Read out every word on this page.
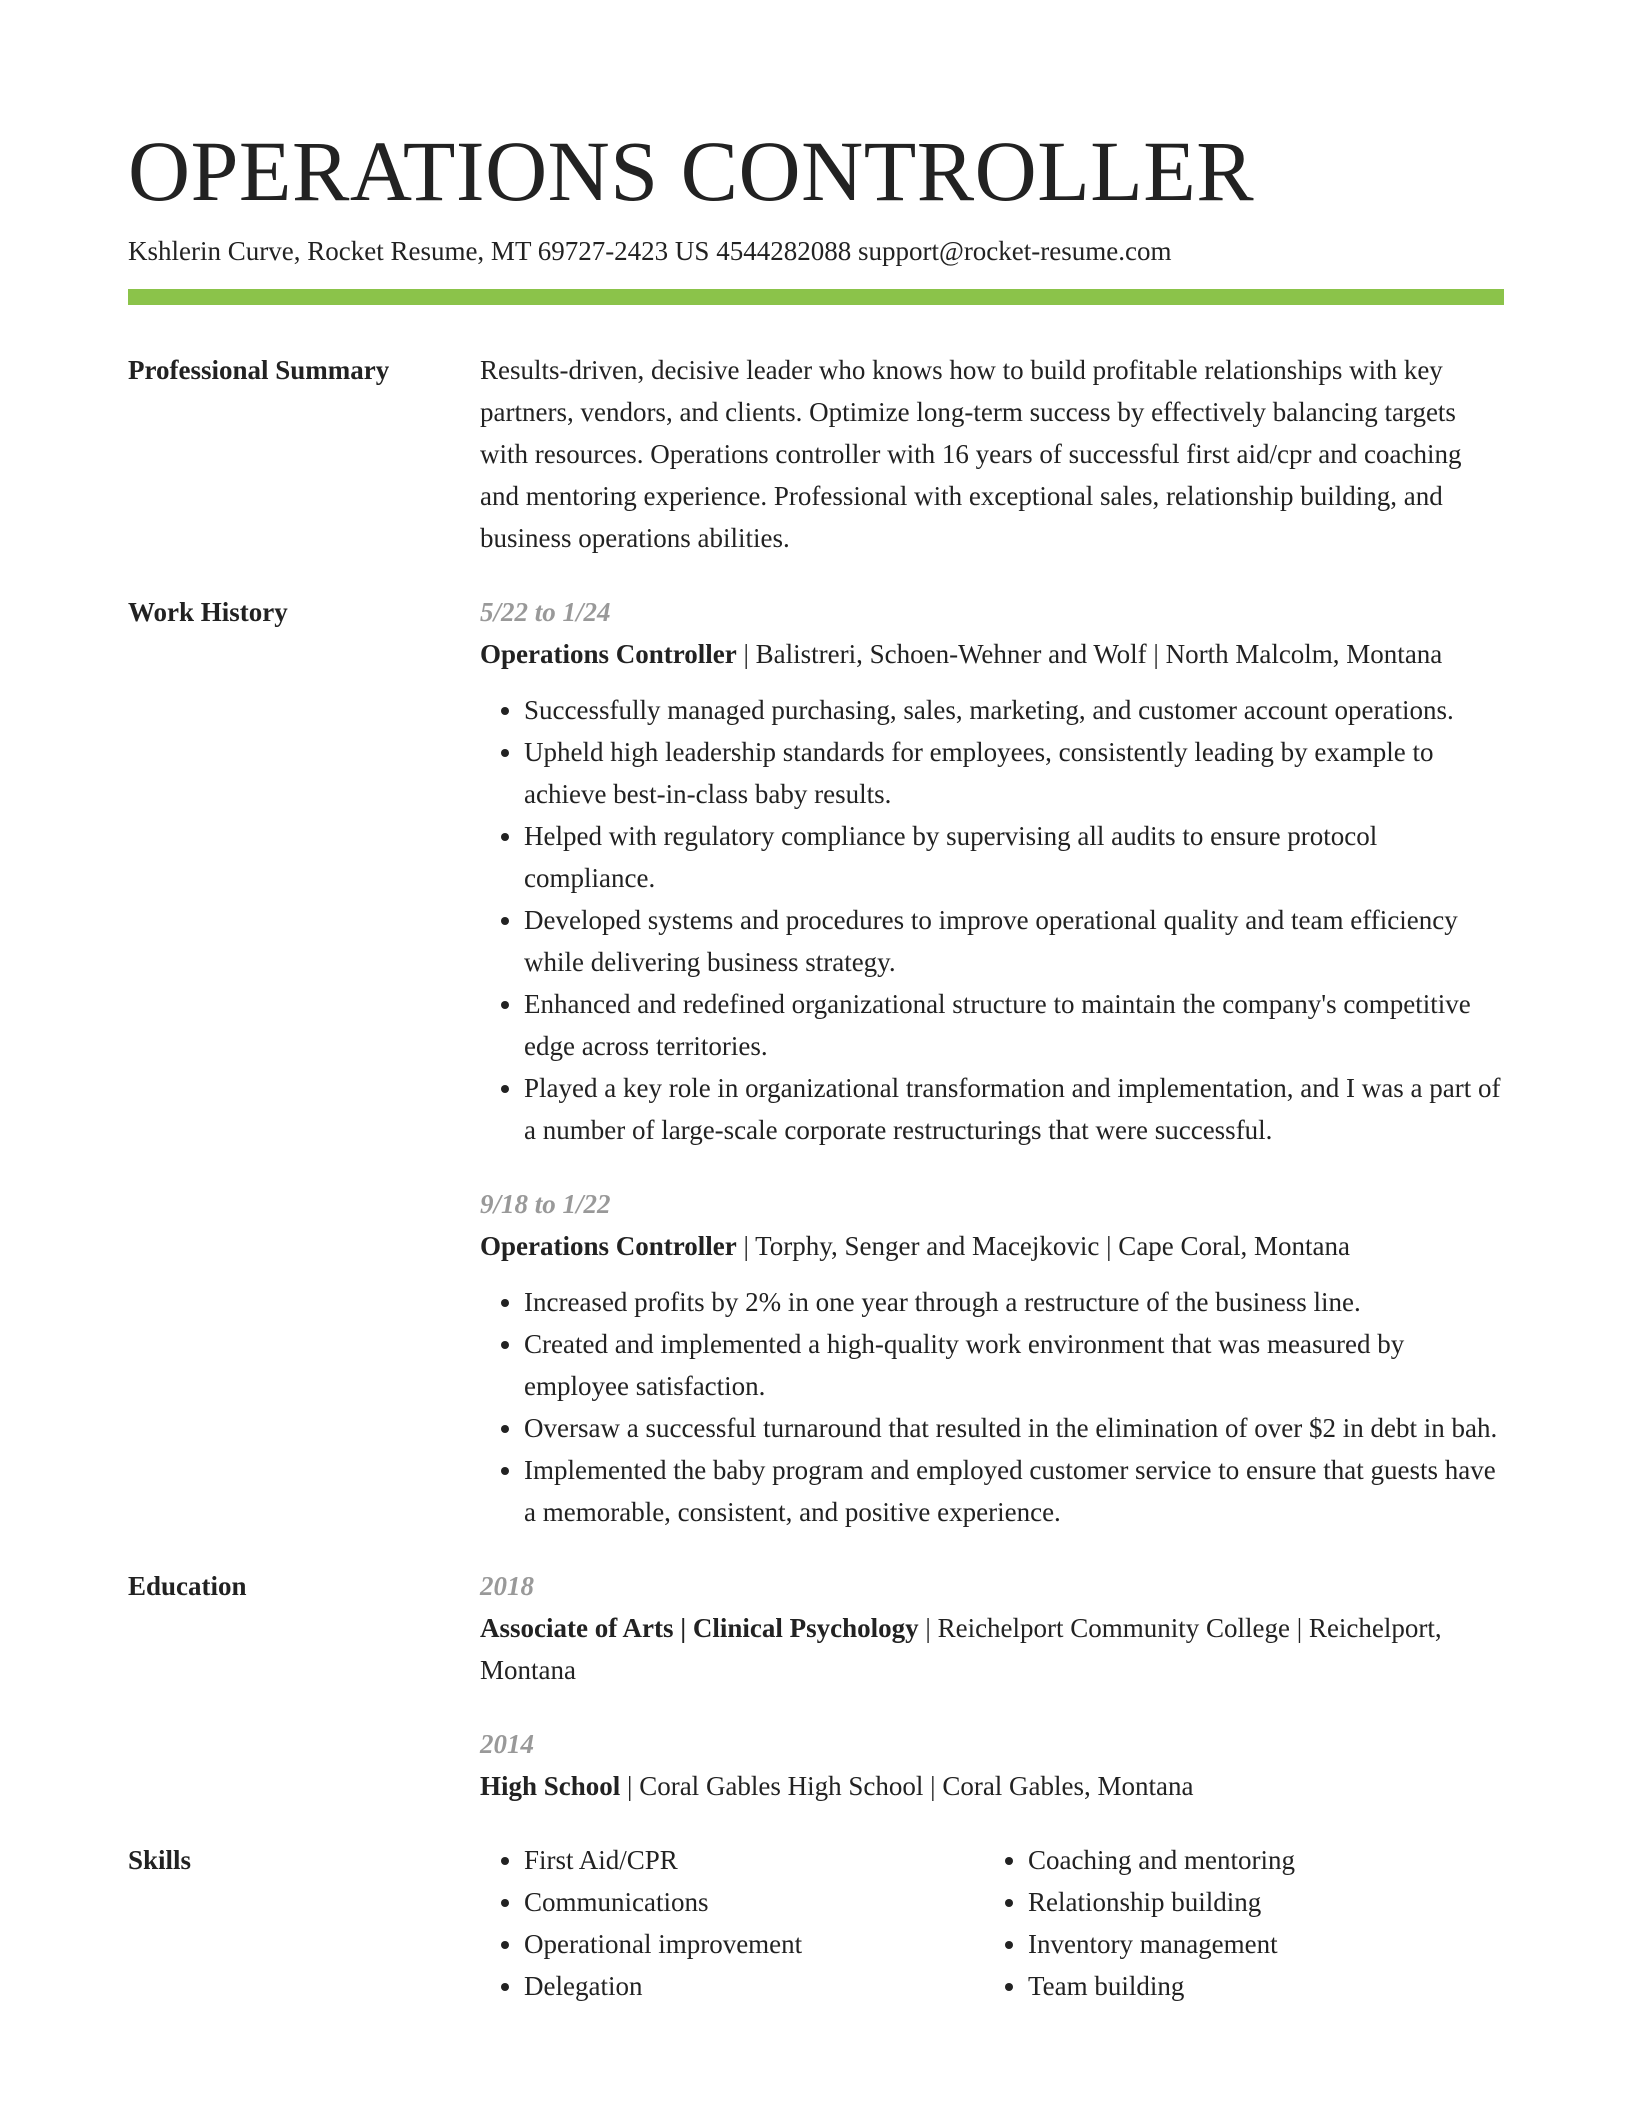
OPERATIONS CONTROLLER
Kshlerin Curve, Rocket Resume, MT 69727-2423 US 4544282088 support@rocket-resume.com
Professional Summary	Results-driven, decisive leader who knows how to build profitable relationships with key partners, vendors, and clients. Optimize long-term success by effectively balancing targets with resources. Operations controller with 16 years of successful first aid/cpr and coaching and mentoring experience. Professional with exceptional sales, relationship building, and business operations abilities.

Work History	5/22 to 1/24
Operations Controller | Balistreri, Schoen-Wehner and Wolf | North Malcolm, Montana
• Successfully managed purchasing, sales, marketing, and customer account operations.
• Upheld high leadership standards for employees, consistently leading by example to achieve best-in-class baby results.
• Helped with regulatory compliance by supervising all audits to ensure protocol compliance.
• Developed systems and procedures to improve operational quality and team efficiency while delivering business strategy.
• Enhanced and redefined organizational structure to maintain the company's competitive edge across territories.
• Played a key role in organizational transformation and implementation, and I was a part of a number of large-scale corporate restructurings that were successful.
9/18 to 1/22
Operations Controller | Torphy, Senger and Macejkovic | Cape Coral, Montana
• Increased profits by 2% in one year through a restructure of the business line.
• Created and implemented a high-quality work environment that was measured by employee satisfaction.
• Oversaw a successful turnaround that resulted in the elimination of over $2 in debt in bah.
• Implemented the baby program and employed customer service to ensure that guests have a memorable, consistent, and positive experience.
Education	2018
Associate of Arts | Clinical Psychology | Reichelport Community College | Reichelport, Montana
2014
High School | Coral Gables High School | Coral Gables, Montana
Skills
•	First Aid/CPR
• Communications
• Operational improvement
• Delegation
• Coaching and mentoring
• Relationship building
• Inventory management
• Team building
